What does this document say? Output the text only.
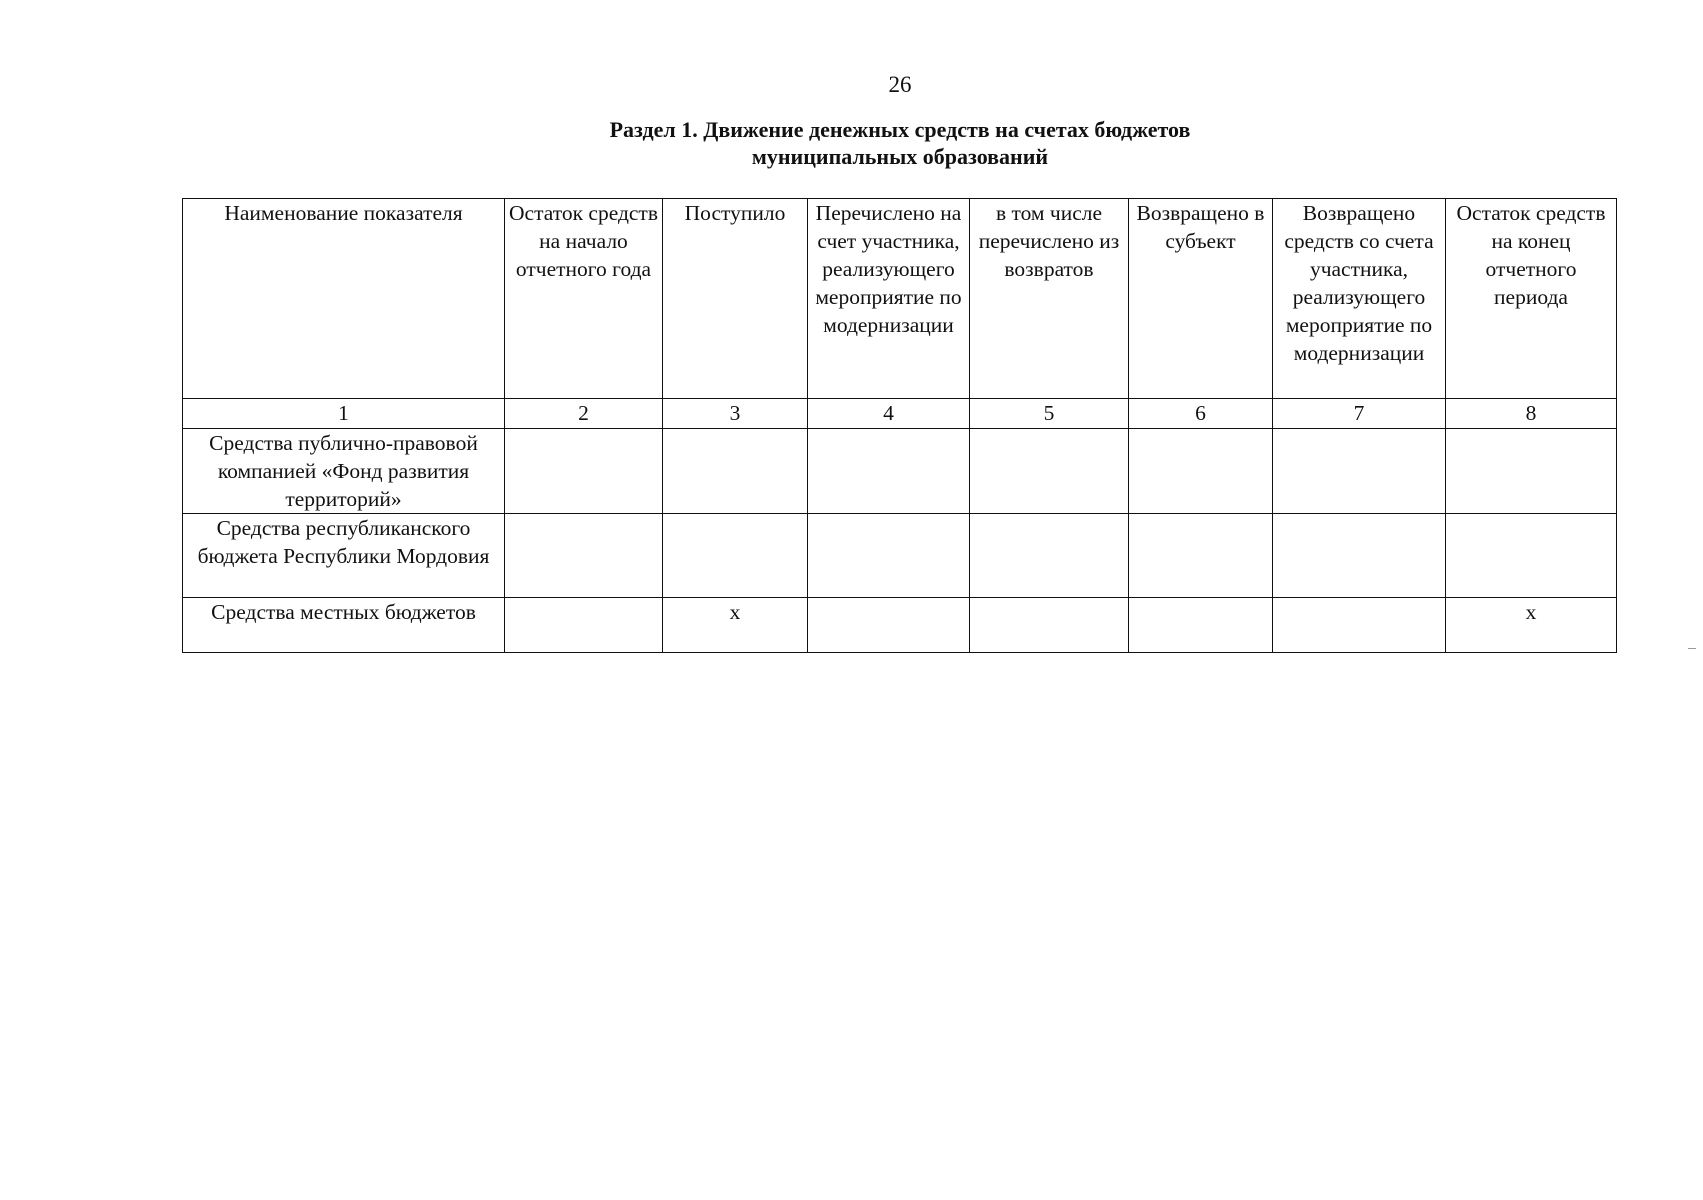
26
Раздел 1. Движение денежных средств на счетах бюджетов
муниципальных образований
Наименование показателя	Остаток средств на начало отчетного года	Поступило	Перечислено на счет участника, реализующего мероприятие по модернизации	в том числе перечислено из возвратов	Возвращено в субъект	Возвращено средств со счета участника, реализующего мероприятие по модернизации	Остаток средств на конец отчетного периода
1	2	3	4	5	6	7	8
Средства публично-правовой компанией «Фонд развития территорий»							
Средства республиканского бюджета Республики Мордовия							
Средства местных бюджетов		x					x
